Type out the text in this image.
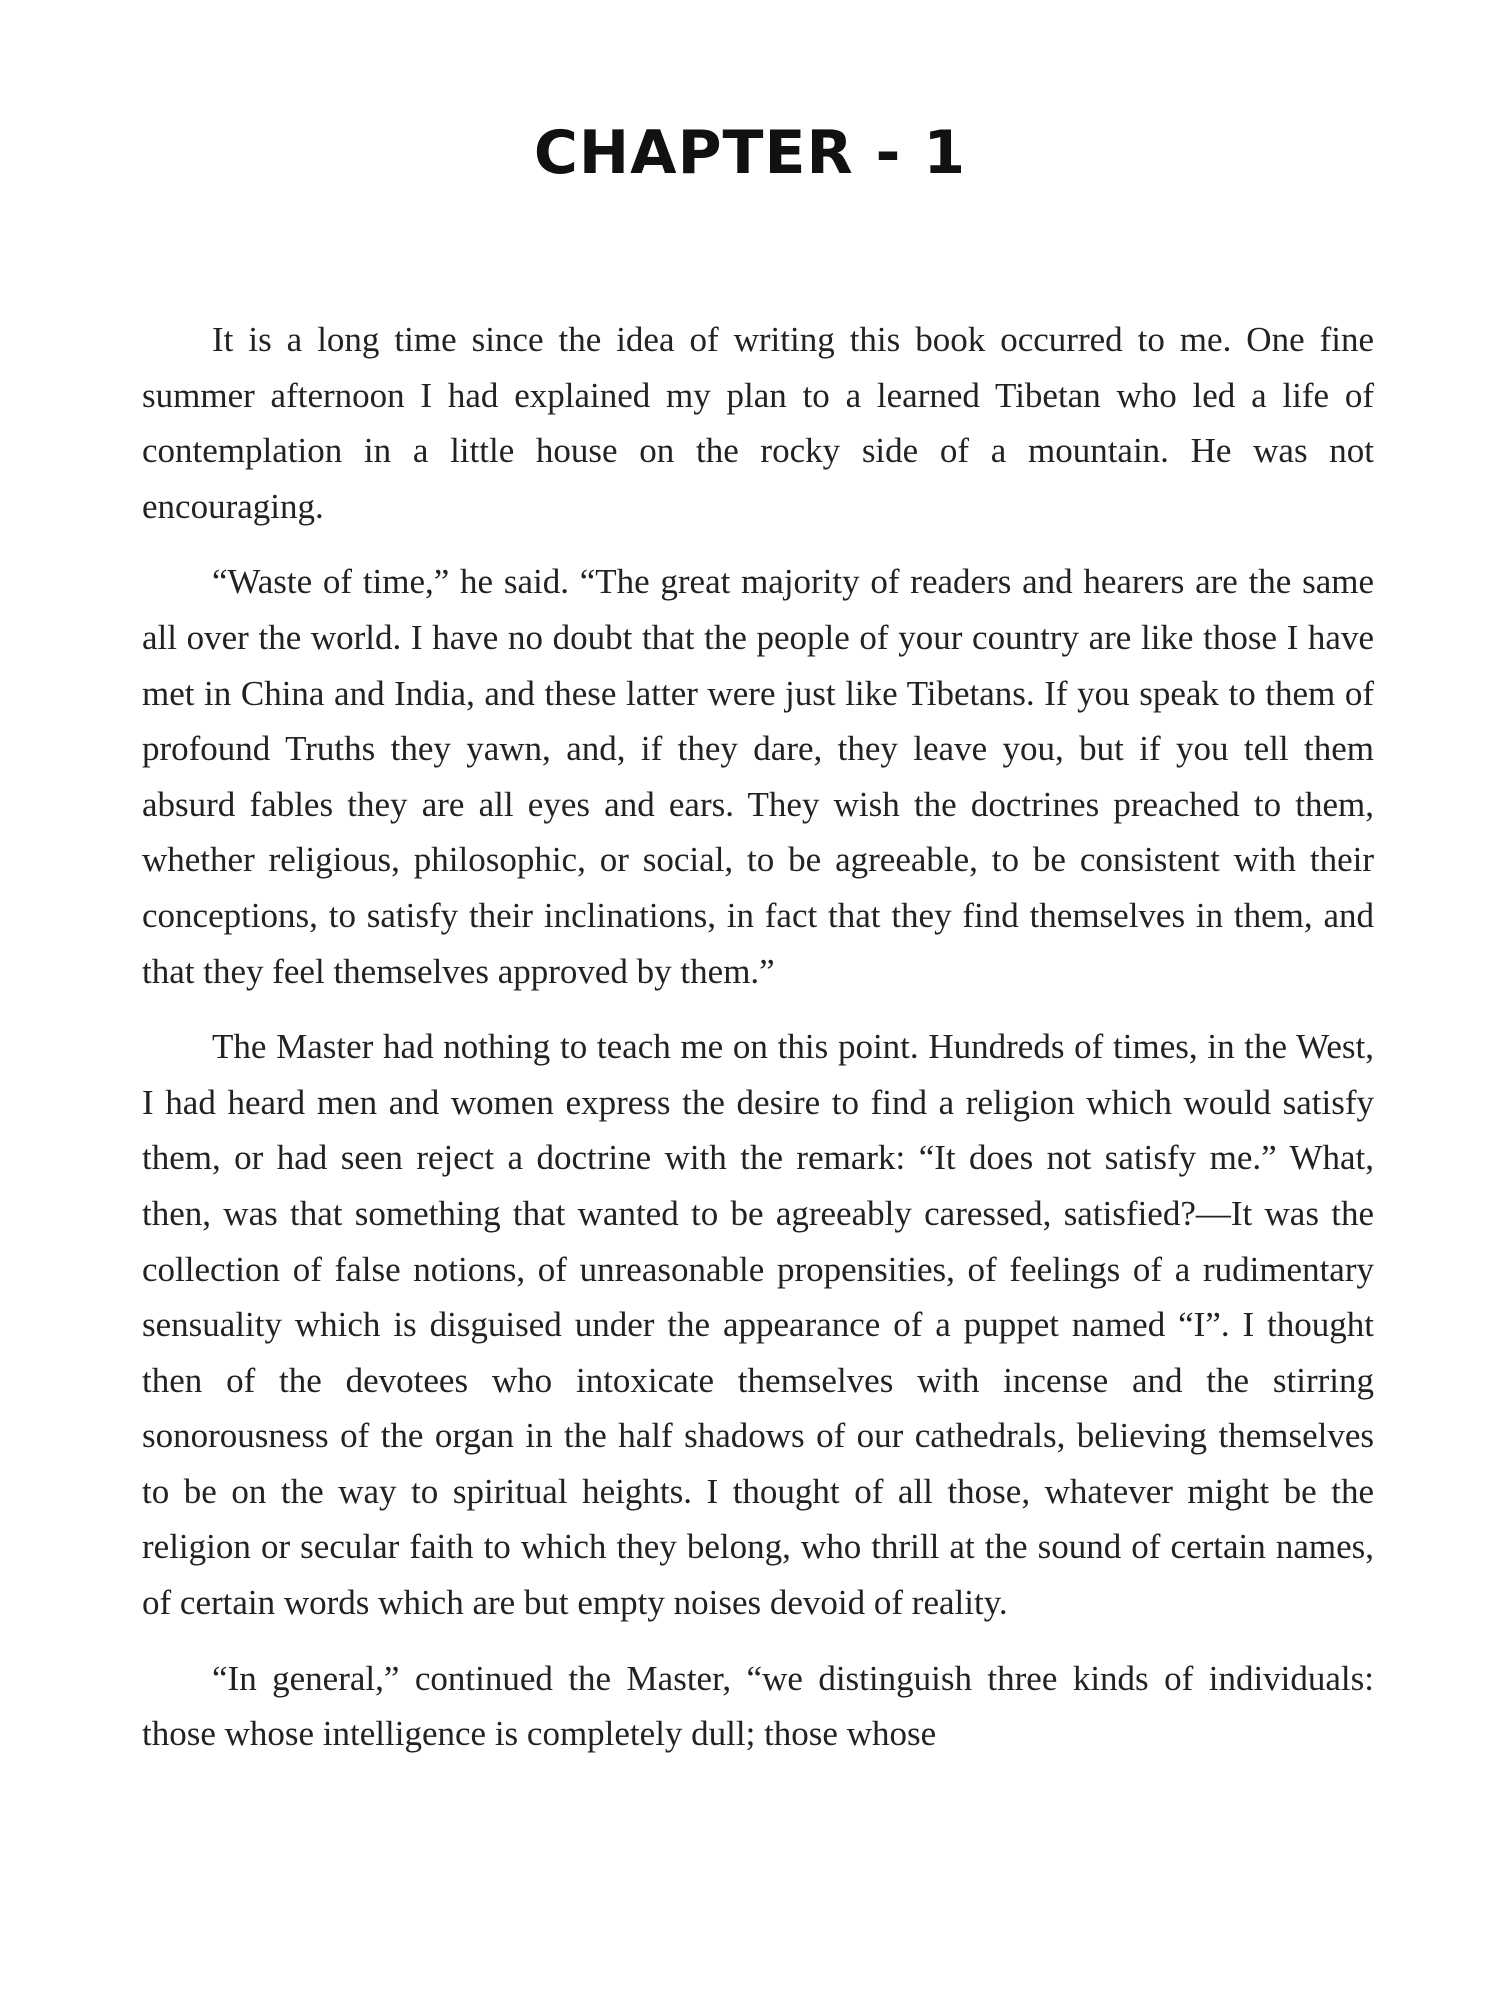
CHAPTER - 1

It is a long time since the idea of writing this book occurred to me. One fine summer afternoon I had explained my plan to a learned Tibetan who led a life of contemplation in a little house on the rocky side of a mountain. He was not encouraging.

“Waste of time,” he said. “The great majority of readers and hearers are the same all over the world. I have no doubt that the people of your country are like those I have met in China and India, and these latter were just like Tibetans. If you speak to them of profound Truths they yawn, and, if they dare, they leave you, but if you tell them absurd fables they are all eyes and ears. They wish the doctrines preached to them, whether religious, philosophic, or social, to be agreeable, to be consistent with their conceptions, to satisfy their inclinations, in fact that they find themselves in them, and that they feel themselves approved by them.”

The Master had nothing to teach me on this point. Hundreds of times, in the West, I had heard men and women express the desire to find a religion which would satisfy them, or had seen reject a doctrine with the remark: “It does not satisfy me.” What, then, was that something that wanted to be agreeably caressed, satisfied?—It was the collection of false notions, of unreasonable propensities, of feelings of a rudimentary sensuality which is disguised under the appearance of a puppet named “I”. I thought then of the devotees who intoxicate themselves with incense and the stirring sonorousness of the organ in the half shadows of our cathedrals, believing themselves to be on the way to spiritual heights. I thought of all those, whatever might be the religion or secular faith to which they belong, who thrill at the sound of certain names, of certain words which are but empty noises devoid of reality.

“In general,” continued the Master, “we distinguish three kinds of individuals: those whose intelligence is completely dull; those whose
